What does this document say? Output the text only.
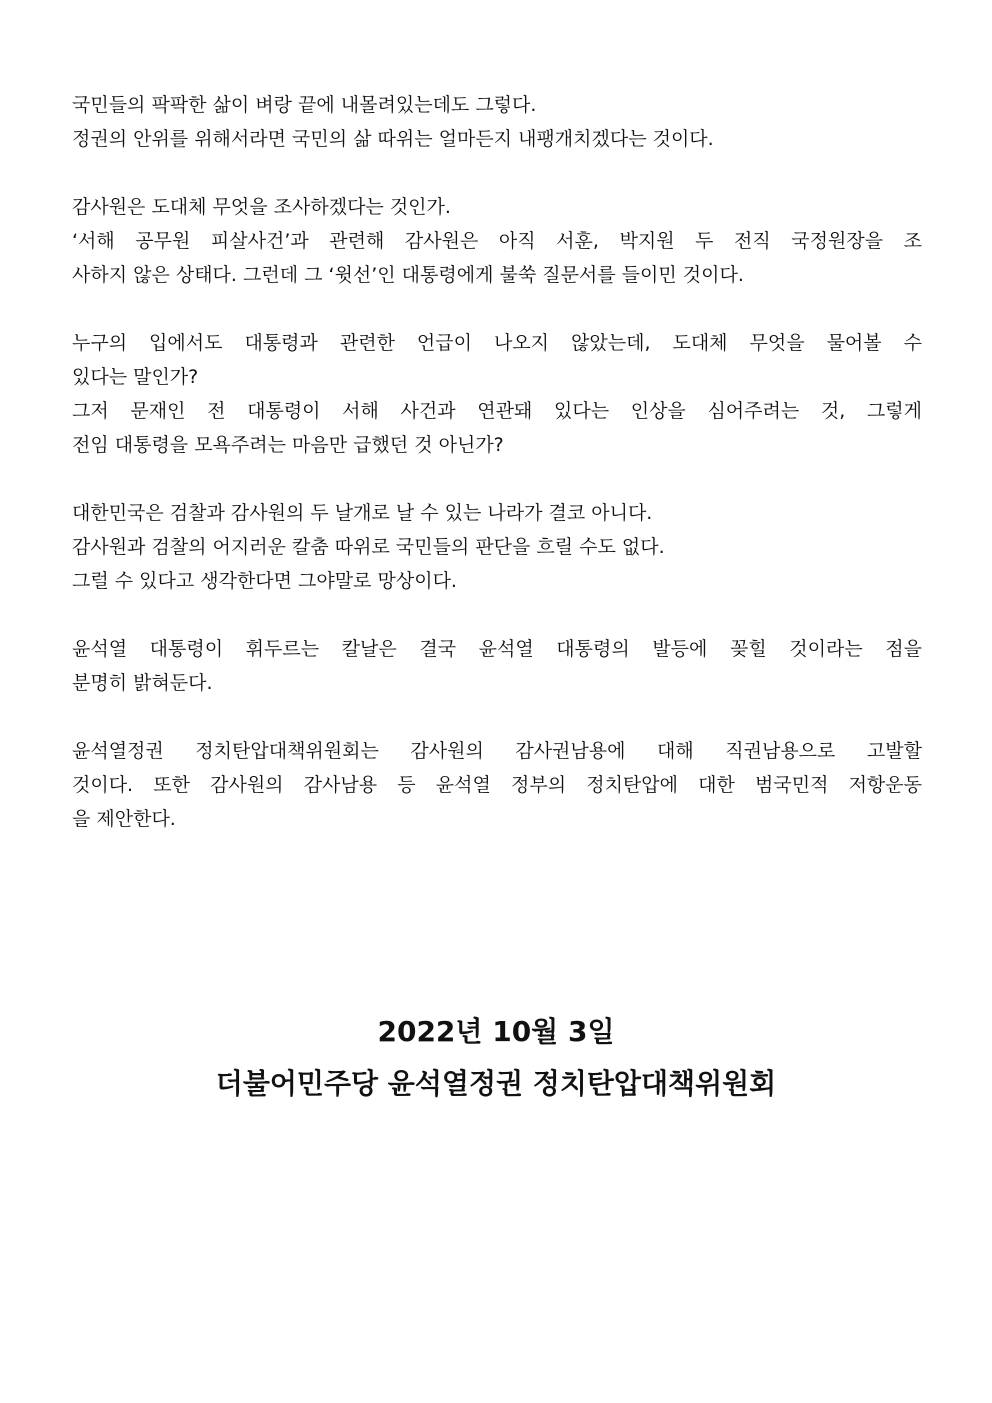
국민들의 팍팍한 삶이 벼랑 끝에 내몰려있는데도 그렇다.
정권의 안위를 위해서라면 국민의 삶 따위는 얼마든지 내팽개치겠다는 것이다.

감사원은 도대체 무엇을 조사하겠다는 것인가.
‘서해 공무원 피살사건’과 관련해 감사원은 아직 서훈, 박지원 두 전직 국정원장을 조
사하지 않은 상태다. 그런데 그 ‘윗선’인 대통령에게 불쑥 질문서를 들이민 것이다.

누구의 입에서도 대통령과 관련한 언급이 나오지 않았는데, 도대체 무엇을 물어볼 수
있다는 말인가?
그저 문재인 전 대통령이 서해 사건과 연관돼 있다는 인상을 심어주려는 것, 그렇게
전임 대통령을 모욕주려는 마음만 급했던 것 아닌가?

대한민국은 검찰과 감사원의 두 날개로 날 수 있는 나라가 결코 아니다.
감사원과 검찰의 어지러운 칼춤 따위로 국민들의 판단을 흐릴 수도 없다.
그럴 수 있다고 생각한다면 그야말로 망상이다.

윤석열 대통령이 휘두르는 칼날은 결국 윤석열 대통령의 발등에 꽂힐 것이라는 점을
분명히 밝혀둔다.

윤석열정권 정치탄압대책위원회는 감사원의 감사권남용에 대해 직권남용으로 고발할
것이다. 또한 감사원의 감사남용 등 윤석열 정부의 정치탄압에 대한 범국민적 저항운동
을 제안한다.

2022년 10월 3일
더불어민주당 윤석열정권 정치탄압대책위원회
